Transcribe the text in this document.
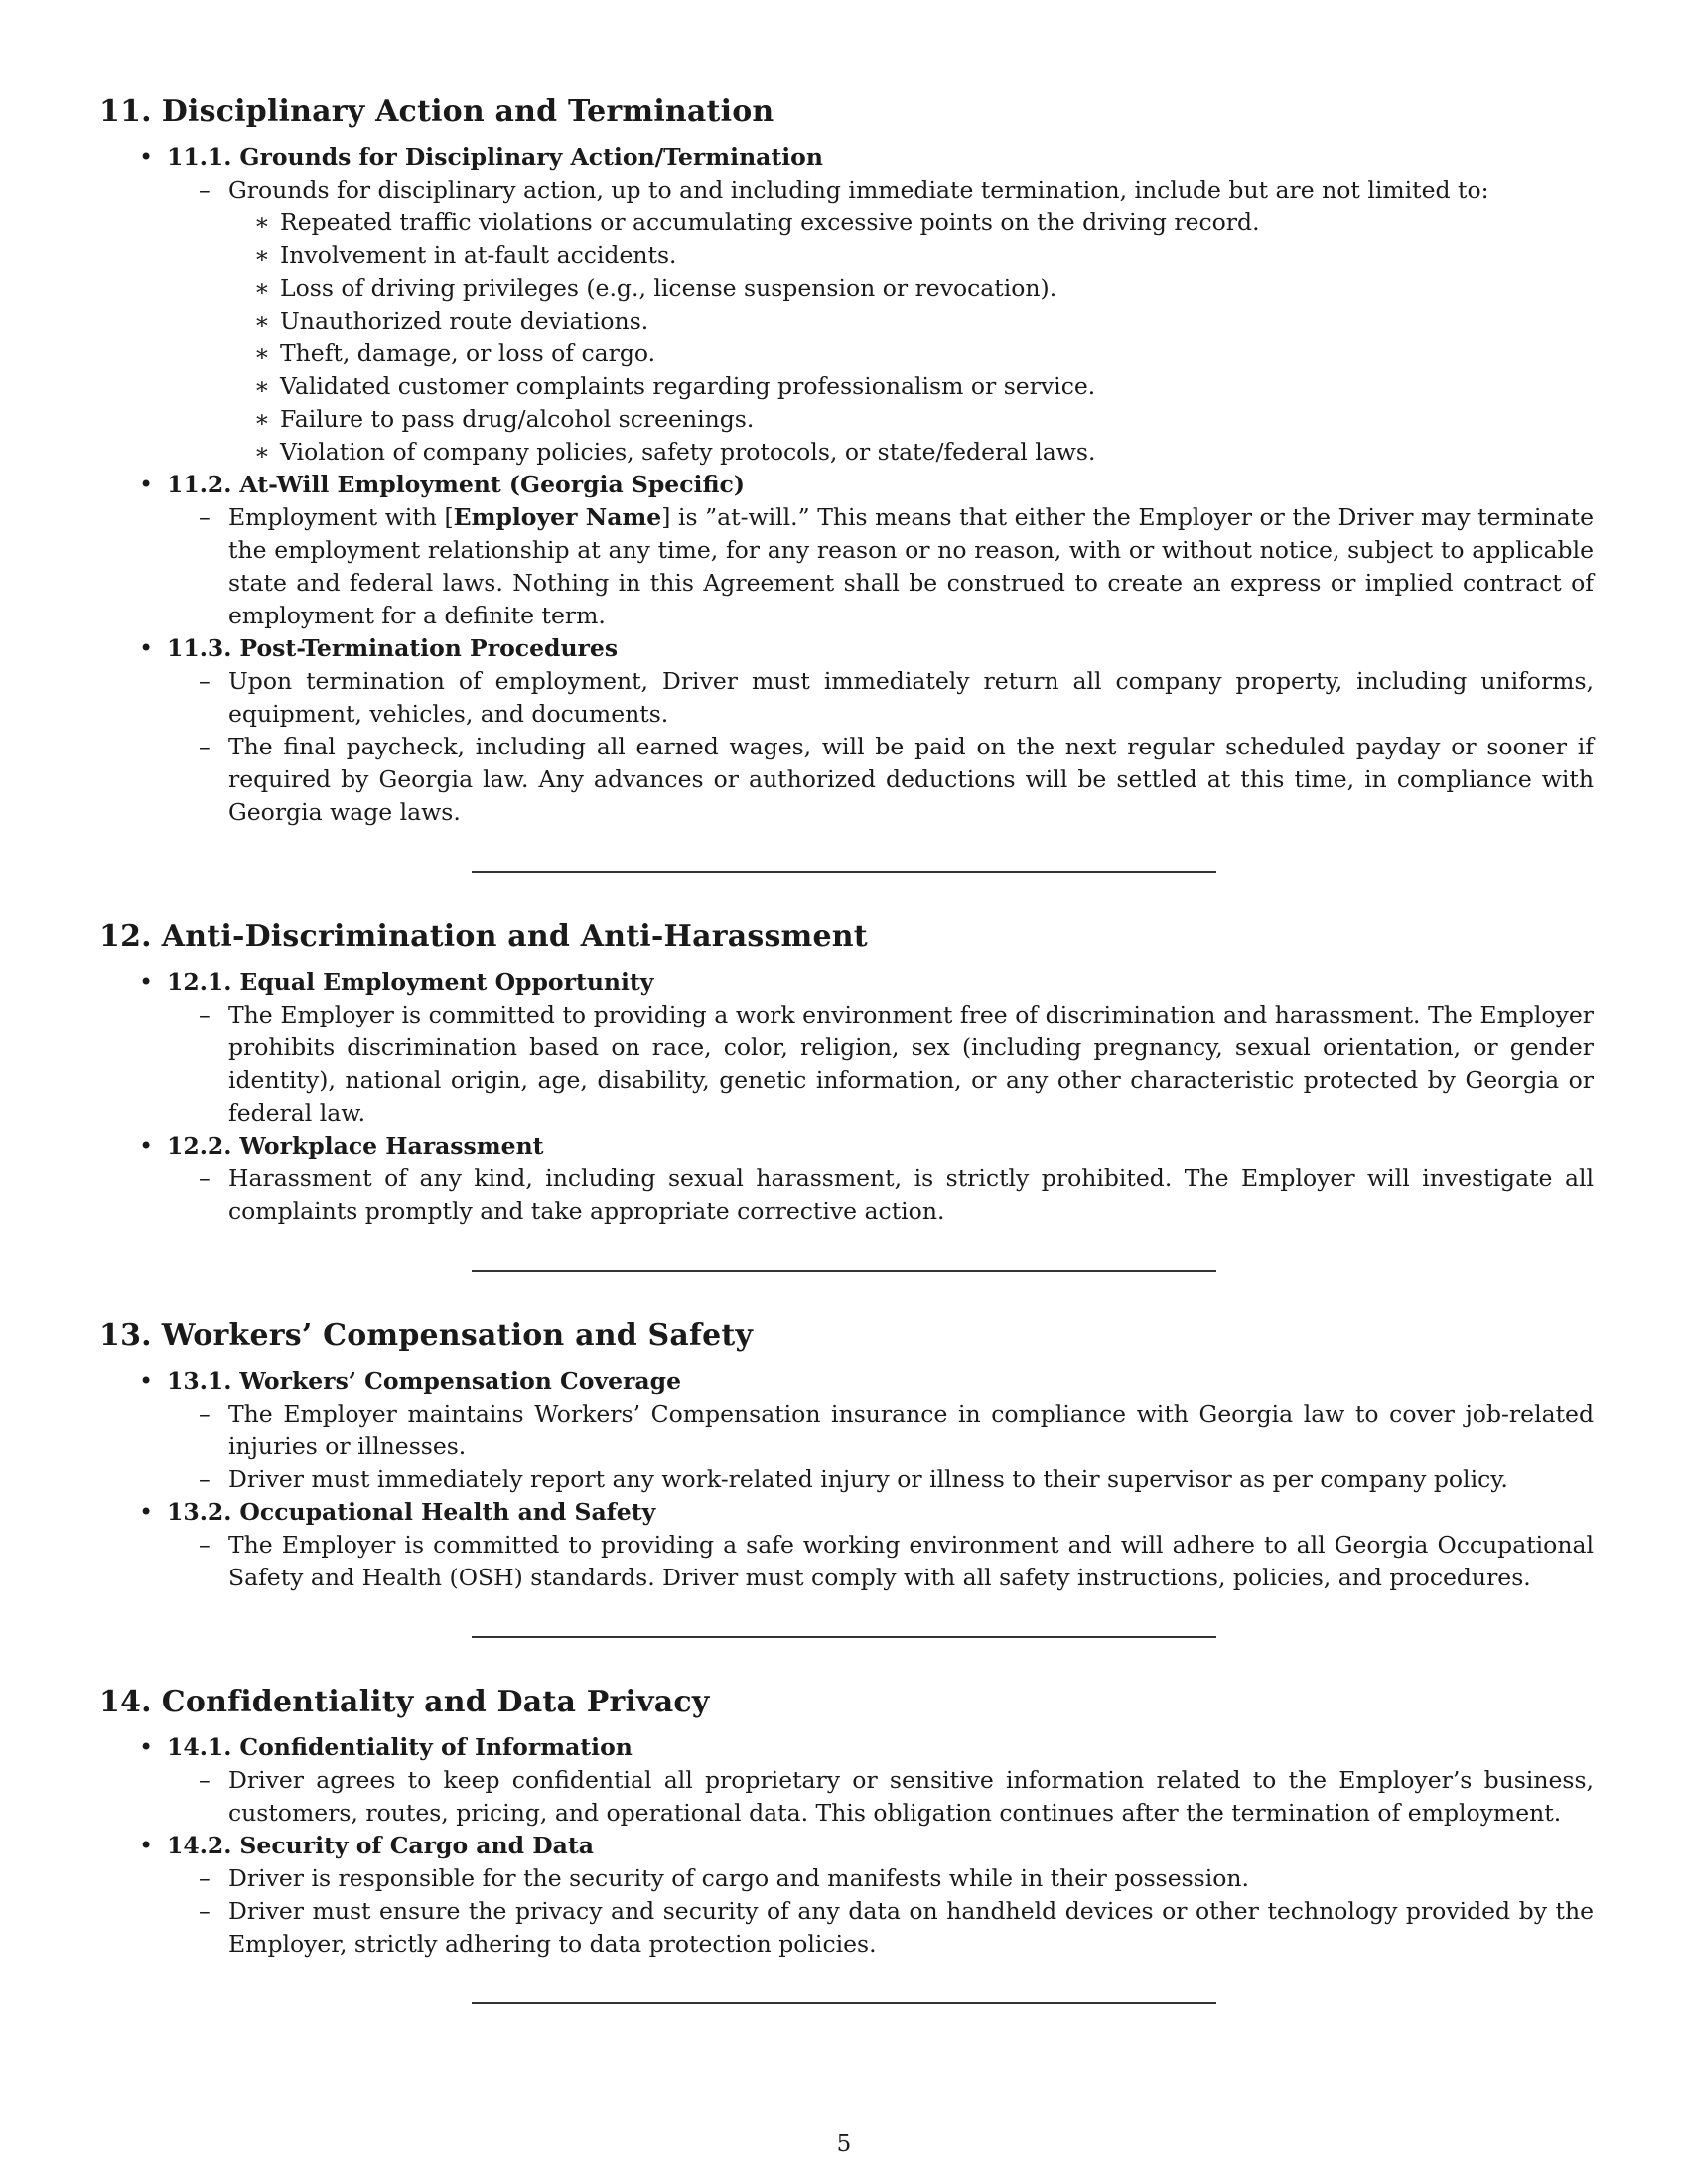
11. Disciplinary Action and Termination
• 11.1. Grounds for Disciplinary Action/Termination
– Grounds for disciplinary action, up to and including immediate termination, include but are not limited to:
∗ Repeated traffic violations or accumulating excessive points on the driving record.
∗ Involvement in at-fault accidents.
∗ Loss of driving privileges (e.g., license suspension or revocation).
∗ Unauthorized route deviations.
∗ Theft, damage, or loss of cargo.
∗ Validated customer complaints regarding professionalism or service.
∗ Failure to pass drug/alcohol screenings.
∗ Violation of company policies, safety protocols, or state/federal laws.
• 11.2. At-Will Employment (Georgia Specific)
– Employment with [Employer Name] is ”at-will.” This means that either the Employer or the Driver may terminate the employment relationship at any time, for any reason or no reason, with or without notice, subject to applicable state and federal laws. Nothing in this Agreement shall be construed to create an express or implied contract of employment for a definite term.
• 11.3. Post-Termination Procedures
– Upon termination of employment, Driver must immediately return all company property, including uniforms, equipment, vehicles, and documents.
– The final paycheck, including all earned wages, will be paid on the next regular scheduled payday or sooner if required by Georgia law. Any advances or authorized deductions will be settled at this time, in compliance with Georgia wage laws.
12. Anti-Discrimination and Anti-Harassment
• 12.1. Equal Employment Opportunity
– The Employer is committed to providing a work environment free of discrimination and harassment. The Employer prohibits discrimination based on race, color, religion, sex (including pregnancy, sexual orientation, or gender identity), national origin, age, disability, genetic information, or any other characteristic protected by Georgia or federal law.
• 12.2. Workplace Harassment
– Harassment of any kind, including sexual harassment, is strictly prohibited. The Employer will investigate all complaints promptly and take appropriate corrective action.
13. Workers’ Compensation and Safety
• 13.1. Workers’ Compensation Coverage
– The Employer maintains Workers’ Compensation insurance in compliance with Georgia law to cover job-related injuries or illnesses.
– Driver must immediately report any work-related injury or illness to their supervisor as per company policy.
• 13.2. Occupational Health and Safety
– The Employer is committed to providing a safe working environment and will adhere to all Georgia Occupational Safety and Health (OSH) standards. Driver must comply with all safety instructions, policies, and procedures.
14. Confidentiality and Data Privacy
• 14.1. Confidentiality of Information
– Driver agrees to keep confidential all proprietary or sensitive information related to the Employer’s business, customers, routes, pricing, and operational data. This obligation continues after the termination of employment.
• 14.2. Security of Cargo and Data
– Driver is responsible for the security of cargo and manifests while in their possession.
– Driver must ensure the privacy and security of any data on handheld devices or other technology provided by the Employer, strictly adhering to data protection policies.
5
